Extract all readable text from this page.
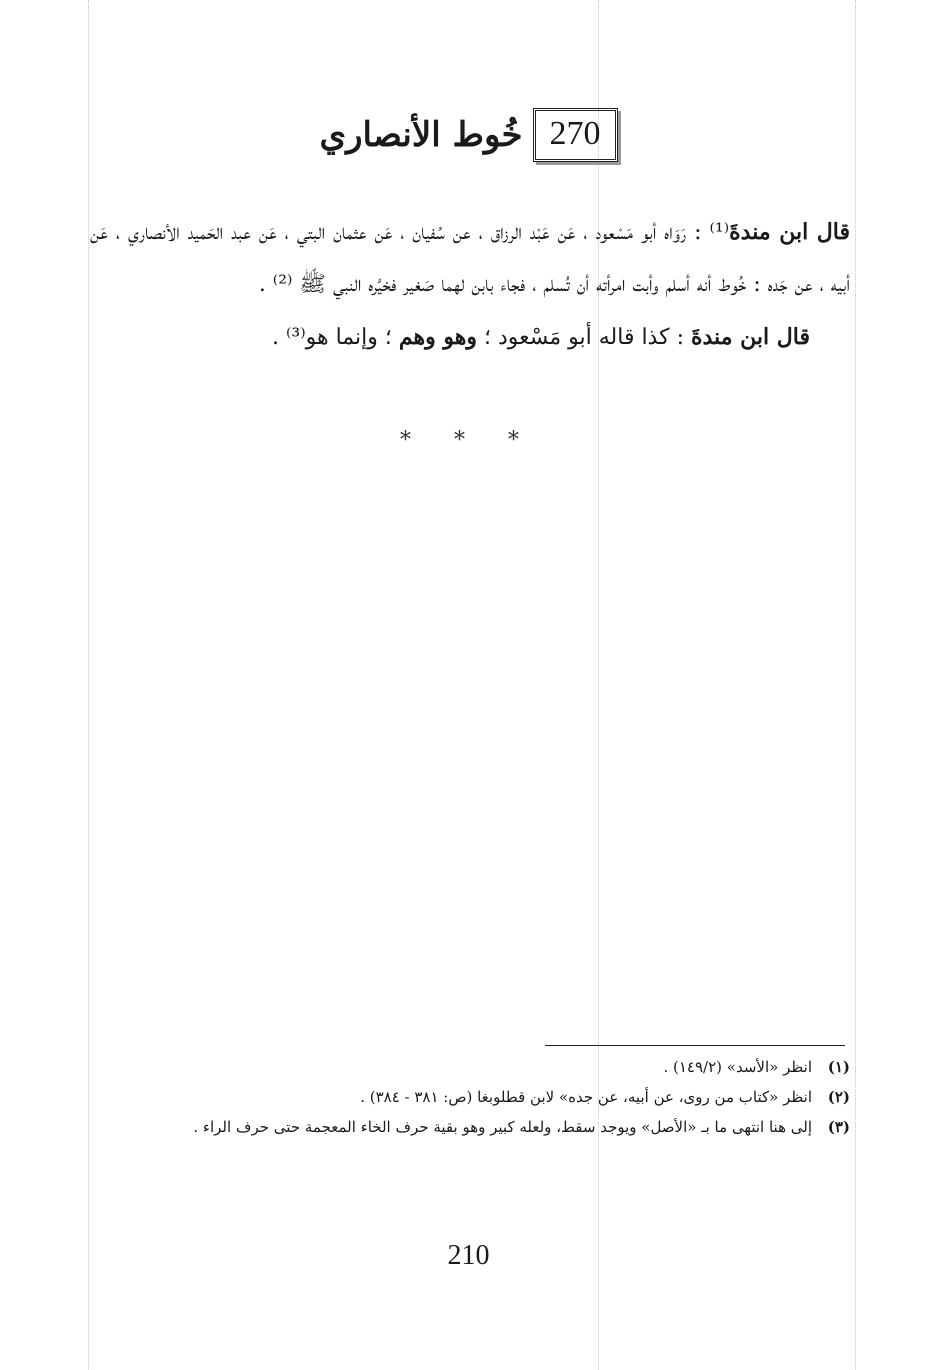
270
خُوط الأنصاري

قال ابن مندةَ⁽¹⁾ : رَوَاه أبو مَسْعود ، عَن عَبْد الرزاق ، عن سُفيان ، عَن عثمان البتي ، عَن عبد الحَميد الأنصاري ، عَن أبيه ، عن جَده : خُوط أنه أسلم وأبت امرأته أن تُسلم ، فجاء بابن لهما صَغير فخيَّره النبي ﷺ ⁽²⁾ .

قال ابن مندةَ : كذا قاله أبو مَسْعود ؛ وهو وهم ؛ وإنما هو⁽³⁾ .

* * *
(١)
انظر «الأسد» (١٤٩/٢) .
(٢)
انظر «كتاب من روى، عن أبيه، عن جده» لابن قطلوبغا (ص: ٣٨١ - ٣٨٤) .
(٣)
إلى هنا انتهى ما بـ «الأصل» ويوجد سقط، ولعله كبير وهو بقية حرف الخاء المعجمة حتى حرف الراء .
210
